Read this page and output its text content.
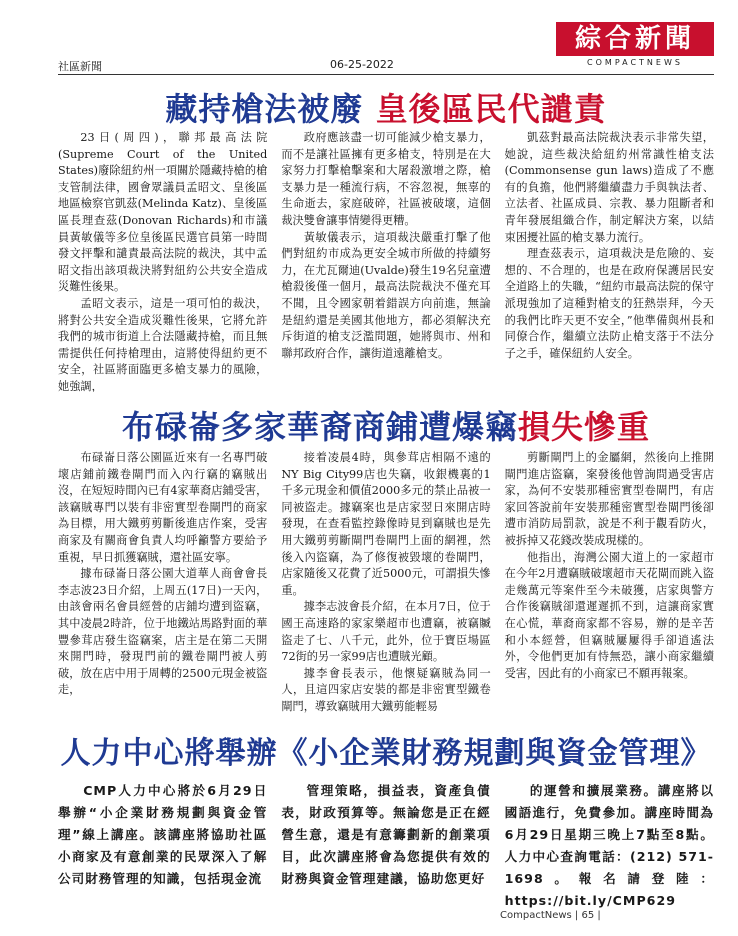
綜合新聞
COMPACTNEWS
社區新聞	06-25-2022
藏持槍法被廢 皇後區民代譴責

23日(周四)，聯邦最高法院(Supreme Court of the United States)廢除紐約州一項關於隱藏持槍的槍支管制法律，國會眾議員孟昭文、皇後區地區檢察官凱茲(Melinda Katz)、皇後區區長理查茲(Donovan Richards)和市議員黃敏儀等多位皇後區民選官員第一時間發文抨擊和譴責最高法院的裁決，其中孟昭文指出該項裁決將對紐約公共安全造成災難性後果。

孟昭文表示，這是一項可怕的裁決，將對公共安全造成災難性後果，它將允許我們的城市街道上合法隱藏持槍，而且無需提供任何持槍理由，這將使得紐約更不安全，社區將面臨更多槍支暴力的風險，她強調，

政府應該盡一切可能減少槍支暴力，而不是讓社區擁有更多槍支，特別是在大家努力打擊槍擊案和大屠殺激增之際，槍支暴力是一種流行病，不容忽視，無辜的生命逝去，家庭破碎，社區被破壞，這個裁決雙會讓事情變得更糟。

黃敏儀表示，這項裁決嚴重打擊了他們對紐約市成為更安全城市所做的持續努力，在尤瓦爾迪(Uvalde)發生19名兒童遭槍殺後僅一個月，最高法院裁決不僅充耳不聞，且令國家朝着錯誤方向前進，無論是紐約還是美國其他地方，都必須解決充斥街道的槍支泛濫問題，她將與市、州和聯邦政府合作，讓街道遠離槍支。

凱茲對最高法院裁決表示非常失望，她說，這些裁決給紐約州常識性槍支法(Commonsense gun laws)造成了不應有的負擔，他們將繼續盡力手與執法者、立法者、社區成員、宗教、暴力阻斷者和青年發展組織合作，制定解決方案，以結束困擾社區的槍支暴力流行。

理查茲表示，這項裁決是危險的、妄想的、不合理的，也是在政府保護居民安全道路上的失職，“紐約市最高法院的保守派現強加了這種對槍支的狂熱崇拜，今天的我們比昨天更不安全，”他準備與州長和同僚合作，繼續立法防止槍支落于不法分子之手，確保紐約人安全。

布碌崙多家華裔商鋪遭爆竊損失慘重

布碌崙日落公園區近來有一名專門破壞店鋪前鐵卷閘門而入內行竊的竊賊出沒，在短短時間內已有4家華裔店鋪受害，該竊賊專門以裝有非密實型卷閘門的商家為目標，用大鐵剪剪斷後進店作案，受害商家及有關商會負責人均呼籲警方要給予重視，早日抓獲竊賊，還社區安寧。

據布碌崙日落公園大道華人商會會長李志波23日介紹，上周五(17日)一天內，由該會兩名會員經營的店鋪均遭到盜竊，其中凌晨2時許，位于地鐵站馬路對面的華豐參茸店發生盜竊案，店主是在第二天開來開門時，發現門前的鐵卷閘門被人剪破，放在店中用于周轉的2500元現金被盜走，

接着凌晨4時，與參茸店相隔不遠的NY Big City99店也失竊，收銀機裏的1千多元現金和價值2000多元的禁止品被一同被盜走。據竊案也是店家翌日來開店時發現，在查看監控錄像時見到竊賊也是先用大鐵剪剪斷閘門卷閘門上面的網裡，然後入內盜竊，為了修復被毀壞的卷閘門，店家隨後又花費了近5000元，可謂損失慘重。

據李志波會長介紹，在本月7日，位于國王高速路的家家樂超市也遭竊，被竊贓盜走了七、八千元，此外，位于寶臣場區72街的另一家99店也遭賊光顧。

據李會長表示，他懷疑竊賊為同一人，且這四家店安裝的都是非密實型鐵卷閘門，導致竊賊用大鐵剪能輕易

剪斷閘門上的金屬網，然後向上推開閘門進店盜竊，案發後他曾詢問過受害店家，為何不安裝那種密實型卷閘門，有店家回答說前年安裝那種密實型卷閘門後卻遭市消防局罰款，說是不利于觀看防火，被拆掉又花錢改裝成現樣的。

他指出，海灣公園大道上的一家超市在今年2月遭竊賊破壞超市天花閘而跳入盜走幾萬元等案件至今未破獲，店家與警方合作後竊賊卻還遲遲抓不到，這讓商家實在心慌，華裔商家都不容易，辦的是辛苦和小本經營，但竊賊屢屢得手卻逍遙法外，令他們更加有恃無恐，讓小商家繼續受害，因此有的小商家已不願再報案。

人力中心將舉辦《小企業財務規劃與資金管理》

CMP人力中心將於6月29日舉辦“小企業財務規劃與資金管理”線上講座。該講座將協助社區小商家及有意創業的民眾深入了解公司財務管理的知識，包括現金流

管理策略，損益表，資產負債表，財政預算等。無論您是正在經營生意，還是有意籌劃新的創業項目，此次講座將會為您提供有效的財務與資金管理建議，協助您更好

的運營和擴展業務。講座將以國語進行，免費參加。講座時間為6月29日星期三晚上7點至8點。人力中心查詢電話：(212) 571-1698。報名請登陸：https://bit.ly/CMP629

CompactNews | 65 |
